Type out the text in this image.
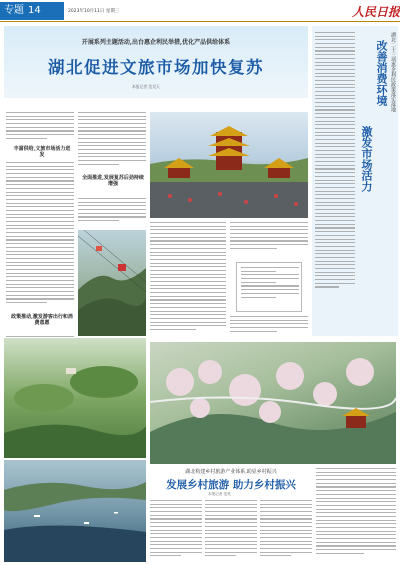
专题 14	2023年10月11日 星期三	人民日报
开展系列主题活动,出台惠企利民举措,优化产品供给体系
湖北促进文旅市场加快复苏
本报记者 范昊天
丰富供给,文旅市场活力迸发
政策推动,激发游客出行和消费意愿
全面推进,发展复苏后劲持续增强
湖北二十三项惠企利民政策落实落地
改善消费环境
激发市场活力
湖北构建乡村旅游产业体系,助显乡村振兴
发展乡村旅游 助力乡村振兴
本报记者 范昊
